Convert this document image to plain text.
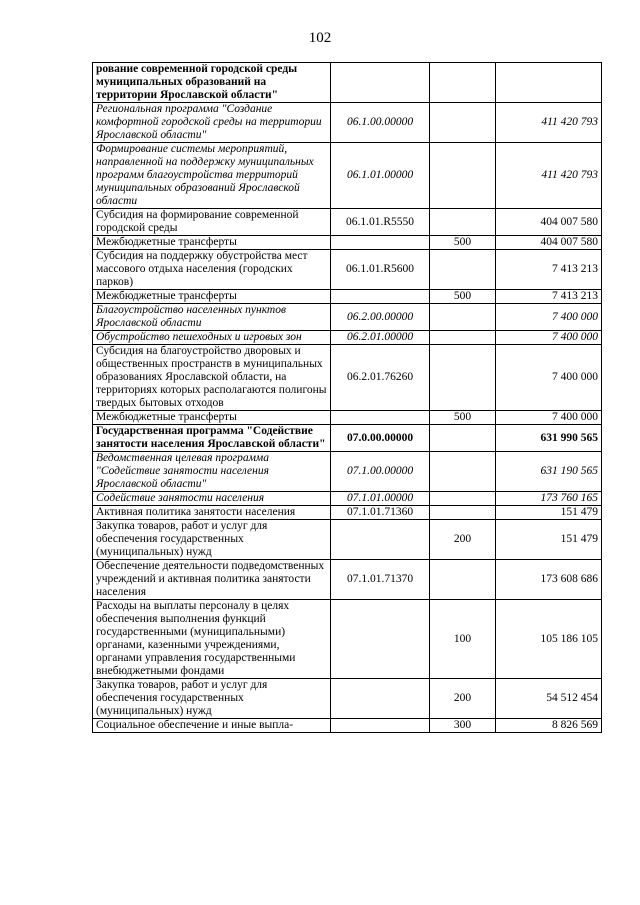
102
рование современной городской среды муниципальных образований на территории Ярославской области"			
Региональная программа "Создание комфортной городской среды на территории Ярославской области"	06.1.00.00000		411 420 793
Формирование системы мероприятий, направленной на поддержку муниципальных программ благоустройства территорий муниципальных образований Ярославской области	06.1.01.00000		411 420 793
Субсидия на формирование современной городской среды	06.1.01.R5550		404 007 580
Межбюджетные трансферты		500	404 007 580
Субсидия на поддержку обустройства мест массового отдыха населения (городских парков)	06.1.01.R5600		7 413 213
Межбюджетные трансферты		500	7 413 213
Благоустройство населенных пунктов Ярославской области	06.2.00.00000		7 400 000
Обустройство пешеходных и игровых зон	06.2.01.00000		7 400 000
Субсидия на благоустройство дворовых и общественных пространств в муниципальных образованиях Ярославской области, на территориях которых располагаются полигоны твердых бытовых отходов	06.2.01.76260		7 400 000
Межбюджетные трансферты		500	7 400 000
Государственная программа "Содействие занятости населения Ярославской области"	07.0.00.00000		631 990 565
Ведомственная целевая программа "Содействие занятости населения Ярославской области"	07.1.00.00000		631 190 565
Содействие занятости населения	07.1.01.00000		173 760 165
Активная политика занятости населения	07.1.01.71360		151 479
Закупка товаров, работ и услуг для обеспечения государственных (муниципальных) нужд		200	151 479
Обеспечение деятельности подведомственных учреждений и активная политика занятости населения	07.1.01.71370		173 608 686
Расходы на выплаты персоналу в целях обеспечения выполнения функций государственными (муниципальными) органами, казенными учреждениями, органами управления государственными внебюджетными фондами		100	105 186 105
Закупка товаров, работ и услуг для обеспечения государственных (муниципальных) нужд		200	54 512 454
Социальное обеспечение и иные выпла-		300	8 826 569
